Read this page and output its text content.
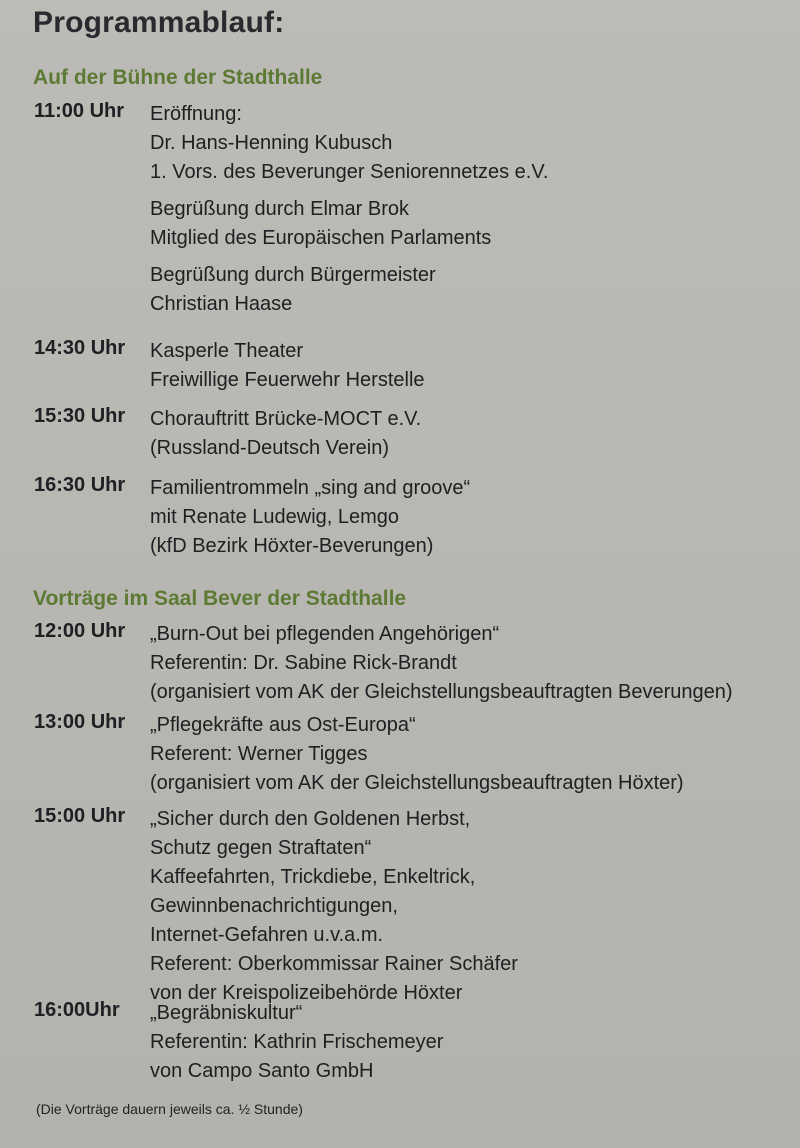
Programmablauf:
Auf der Bühne der Stadthalle
11:00 Uhr Eröffnung:
Dr. Hans-Henning Kubusch
1. Vors. des Beverunger Seniorennetzes e.V.
Begrüßung durch Elmar Brok
Mitglied des Europäischen Parlaments
Begrüßung durch Bürgermeister
Christian Haase
14:30 Uhr Kasperle Theater
Freiwillige Feuerwehr Herstelle
15:30 Uhr Chorauftritt Brücke-MOCT e.V.
(Russland-Deutsch Verein)
16:30 Uhr Familientrommeln „sing and groove“
mit Renate Ludewig, Lemgo
(kfD Bezirk Höxter-Beverungen)
Vorträge im Saal Bever der Stadthalle
12:00 Uhr „Burn-Out bei pflegenden Angehörigen“
Referentin: Dr. Sabine Rick-Brandt
(organisiert vom AK der Gleichstellungsbeauftragten Beverungen)
13:00 Uhr „Pflegekräfte aus Ost-Europa“
Referent: Werner Tigges
(organisiert vom AK der Gleichstellungsbeauftragten Höxter)
15:00 Uhr „Sicher durch den Goldenen Herbst,
Schutz gegen Straftaten“
Kaffeefahrten, Trickdiebe, Enkeltrick,
Gewinnbenachrichtigungen,
Internet-Gefahren u.v.a.m.
Referent: Oberkommissar Rainer Schäfer
von der Kreispolizeibehörde Höxter
16:00Uhr „Begräbniskultur“
Referentin: Kathrin Frischemeyer
von Campo Santo GmbH
(Die Vorträge dauern jeweils ca. ½ Stunde)
